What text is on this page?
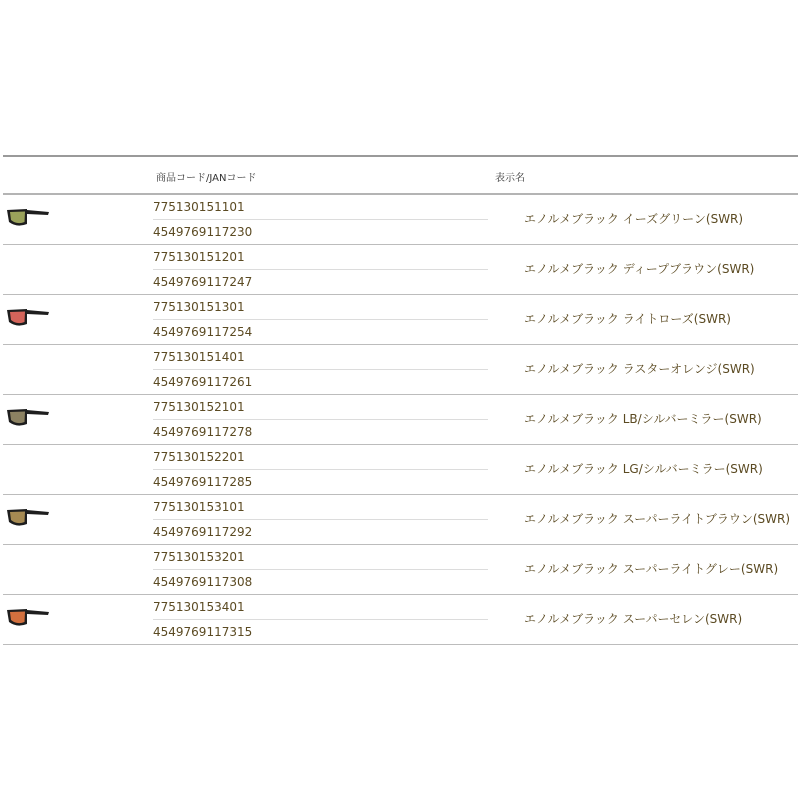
商品コード/JANコード	表示名
775130151101
4549769117230
エノルメブラック イーズグリーン(SWR)
775130151201
4549769117247
エノルメブラック ディープブラウン(SWR)
775130151301
4549769117254
エノルメブラック ライトローズ(SWR)
775130151401
4549769117261
エノルメブラック ラスターオレンジ(SWR)
775130152101
4549769117278
エノルメブラック LB/シルバーミラー(SWR)
775130152201
4549769117285
エノルメブラック LG/シルバーミラー(SWR)
775130153101
4549769117292
エノルメブラック スーパーライトブラウン(SWR)
775130153201
4549769117308
エノルメブラック スーパーライトグレー(SWR)
775130153401
4549769117315
エノルメブラック スーパーセレン(SWR)
